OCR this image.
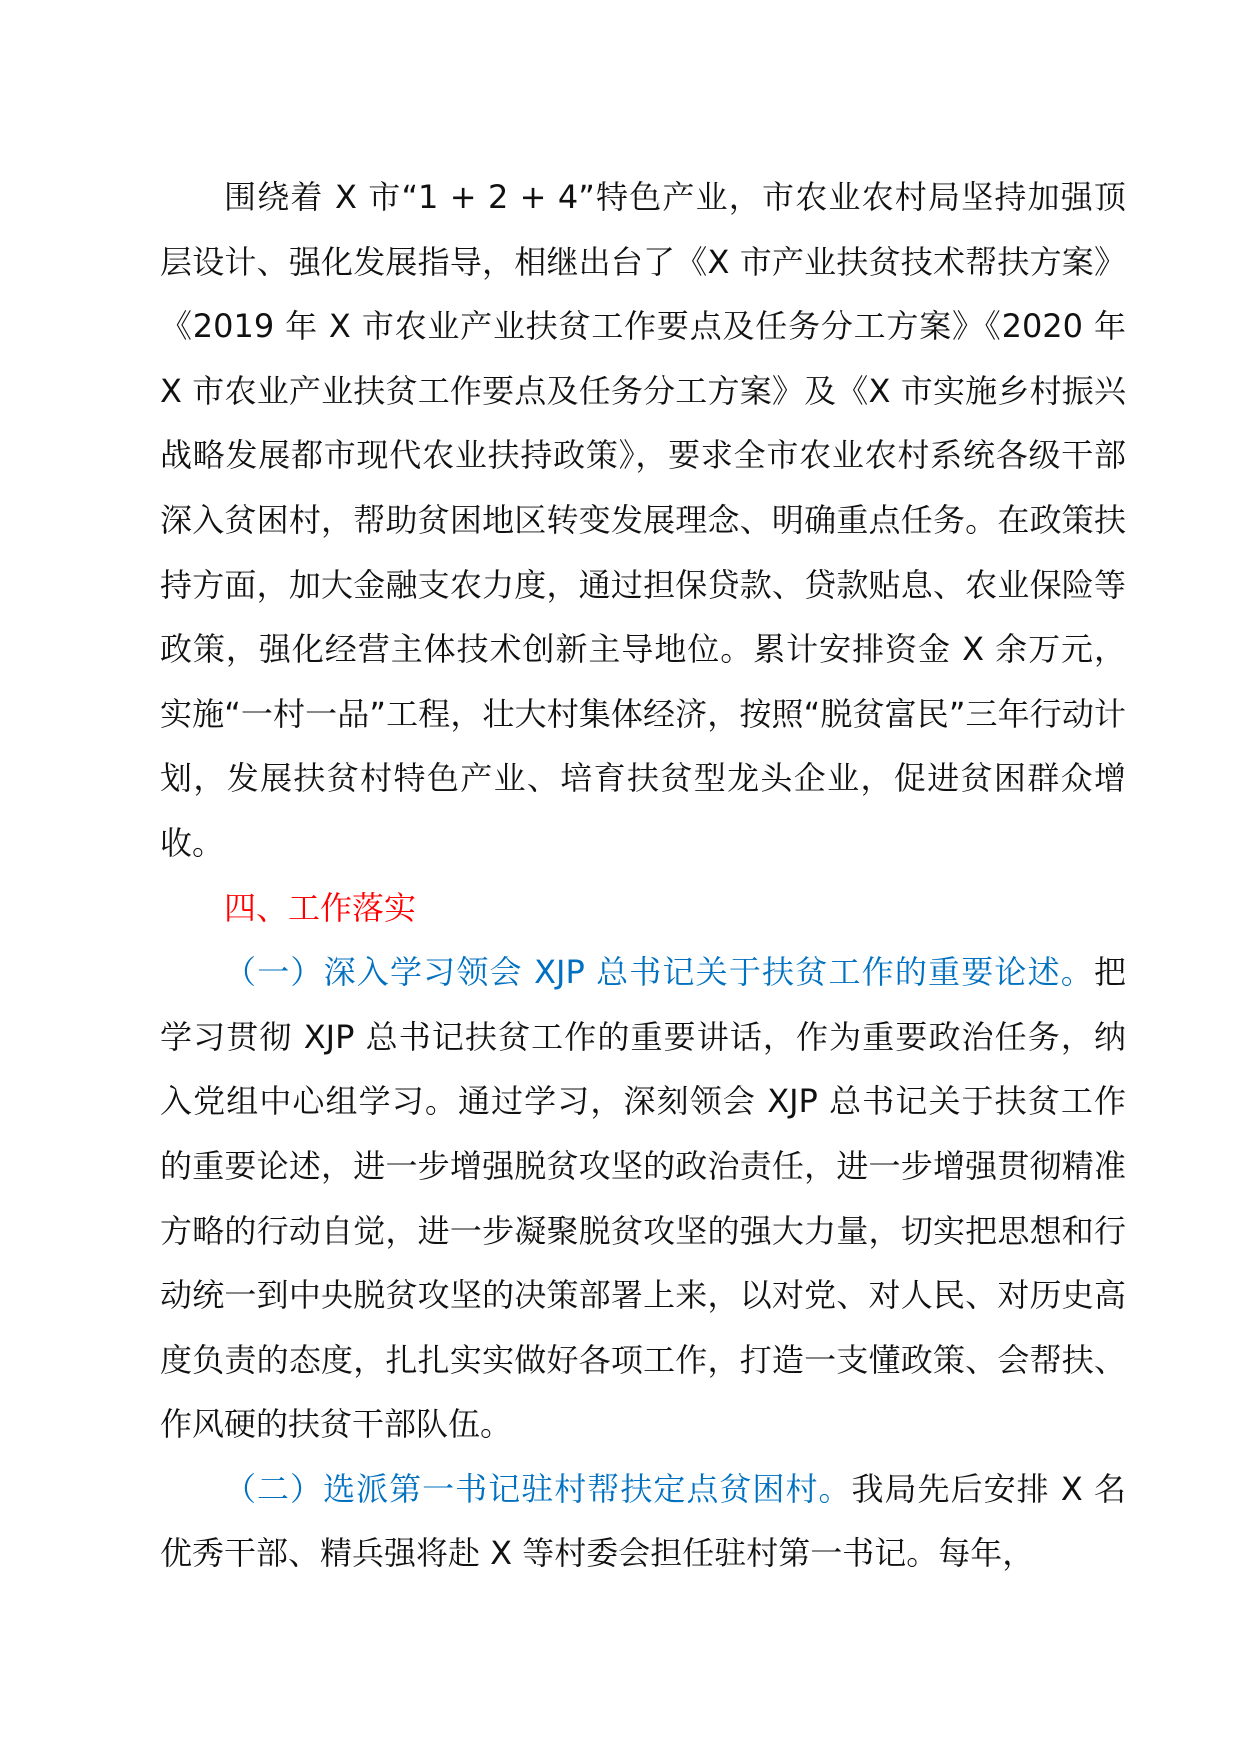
围绕着 X 市“1 + 2 + 4”特色产业，市农业农村局坚持加强顶层设计、强化发展指导，相继出台了《X 市产业扶贫技术帮扶方案》《2019 年 X 市农业产业扶贫工作要点及任务分工方案》《2020 年 X 市农业产业扶贫工作要点及任务分工方案》及《X 市实施乡村振兴战略发展都市现代农业扶持政策》，要求全市农业农村系统各级干部深入贫困村，帮助贫困地区转变发展理念、明确重点任务。在政策扶持方面，加大金融支农力度，通过担保贷款、贷款贴息、农业保险等政策，强化经营主体技术创新主导地位。累计安排资金 X 余万元，实施“一村一品”工程，壮大村集体经济，按照“脱贫富民”三年行动计划，发展扶贫村特色产业、培育扶贫型龙头企业，促进贫困群众增收。

四、工作落实

（一）深入学习领会 XJP 总书记关于扶贫工作的重要论述。把学习贯彻 XJP 总书记扶贫工作的重要讲话，作为重要政治任务，纳入党组中心组学习。通过学习，深刻领会 XJP 总书记关于扶贫工作的重要论述，进一步增强脱贫攻坚的政治责任，进一步增强贯彻精准方略的行动自觉，进一步凝聚脱贫攻坚的强大力量，切实把思想和行动统一到中央脱贫攻坚的决策部署上来，以对党、对人民、对历史高度负责的态度，扎扎实实做好各项工作，打造一支懂政策、会帮扶、作风硬的扶贫干部队伍。

（二）选派第一书记驻村帮扶定点贫困村。我局先后安排 X 名优秀干部、精兵强将赴 X 等村委会担任驻村第一书记。每年，
